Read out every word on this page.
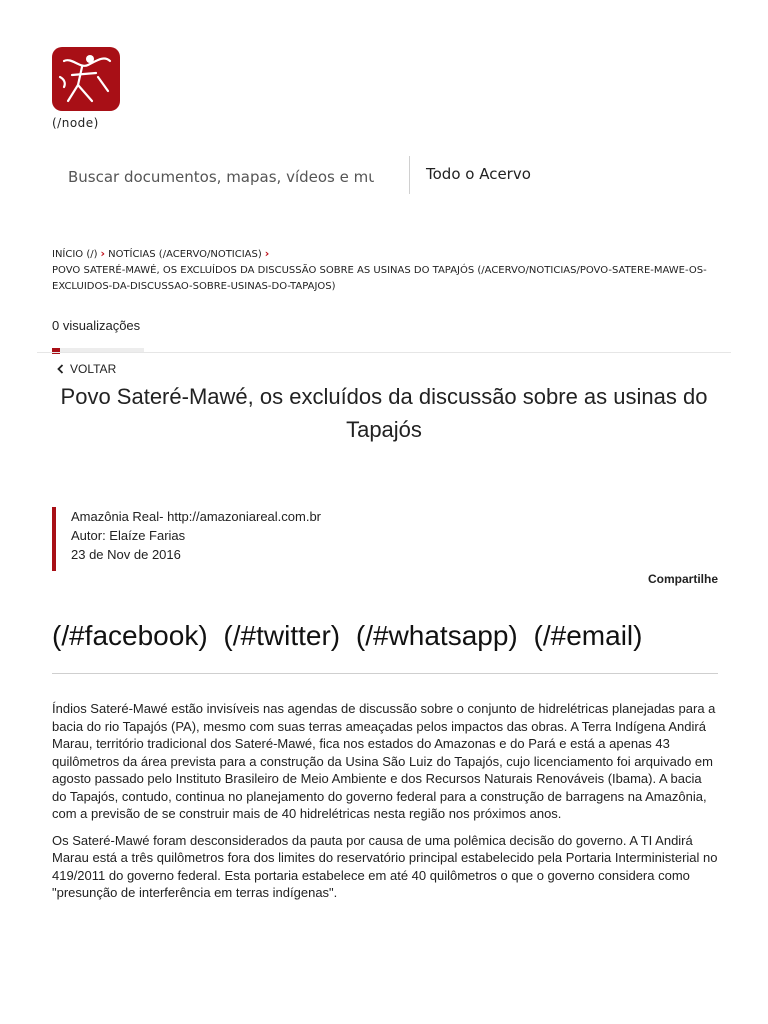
(/node)
Buscar documentos, mapas, vídeos e mu
Todo o Acervo
INÍCIO (/) › NOTÍCIAS (/ACERVO/NOTICIAS) ›
POVO SATERÉ-MAWÉ, OS EXCLUÍDOS DA DISCUSSÃO SOBRE AS USINAS DO TAPAJÓS (/ACERVO/NOTICIAS/POVO-SATERE-MAWE-OS-EXCLUIDOS-DA-DISCUSSAO-SOBRE-USINAS-DO-TAPAJOS)
0 visualizações
VOLTAR
Povo Sateré-Mawé, os excluídos da discussão sobre as usinas do Tapajós
Amazônia Real- http://amazoniareal.com.br
Autor: Elaíze Farias
23 de Nov de 2016
Compartilhe
(/#facebook) (/#twitter) (/#whatsapp) (/#email)

Índios Sateré-Mawé estão invisíveis nas agendas de discussão sobre o conjunto de hidrelétricas planejadas para a bacia do rio Tapajós (PA), mesmo com suas terras ameaçadas pelos impactos das obras. A Terra Indígena Andirá Marau, território tradicional dos Sateré-Mawé, fica nos estados do Amazonas e do Pará e está a apenas 43 quilômetros da área prevista para a construção da Usina São Luiz do Tapajós, cujo licenciamento foi arquivado em agosto passado pelo Instituto Brasileiro de Meio Ambiente e dos Recursos Naturais Renováveis (Ibama). A bacia do Tapajós, contudo, continua no planejamento do governo federal para a construção de barragens na Amazônia, com a previsão de se construir mais de 40 hidrelétricas nesta região nos próximos anos.

Os Sateré-Mawé foram desconsiderados da pauta por causa de uma polêmica decisão do governo. A TI Andirá Marau está a três quilômetros fora dos limites do reservatório principal estabelecido pela Portaria Interministerial no 419/2011 do governo federal. Esta portaria estabelece em até 40 quilômetros o que o governo considera como "presunção de interferência em terras indígenas".
